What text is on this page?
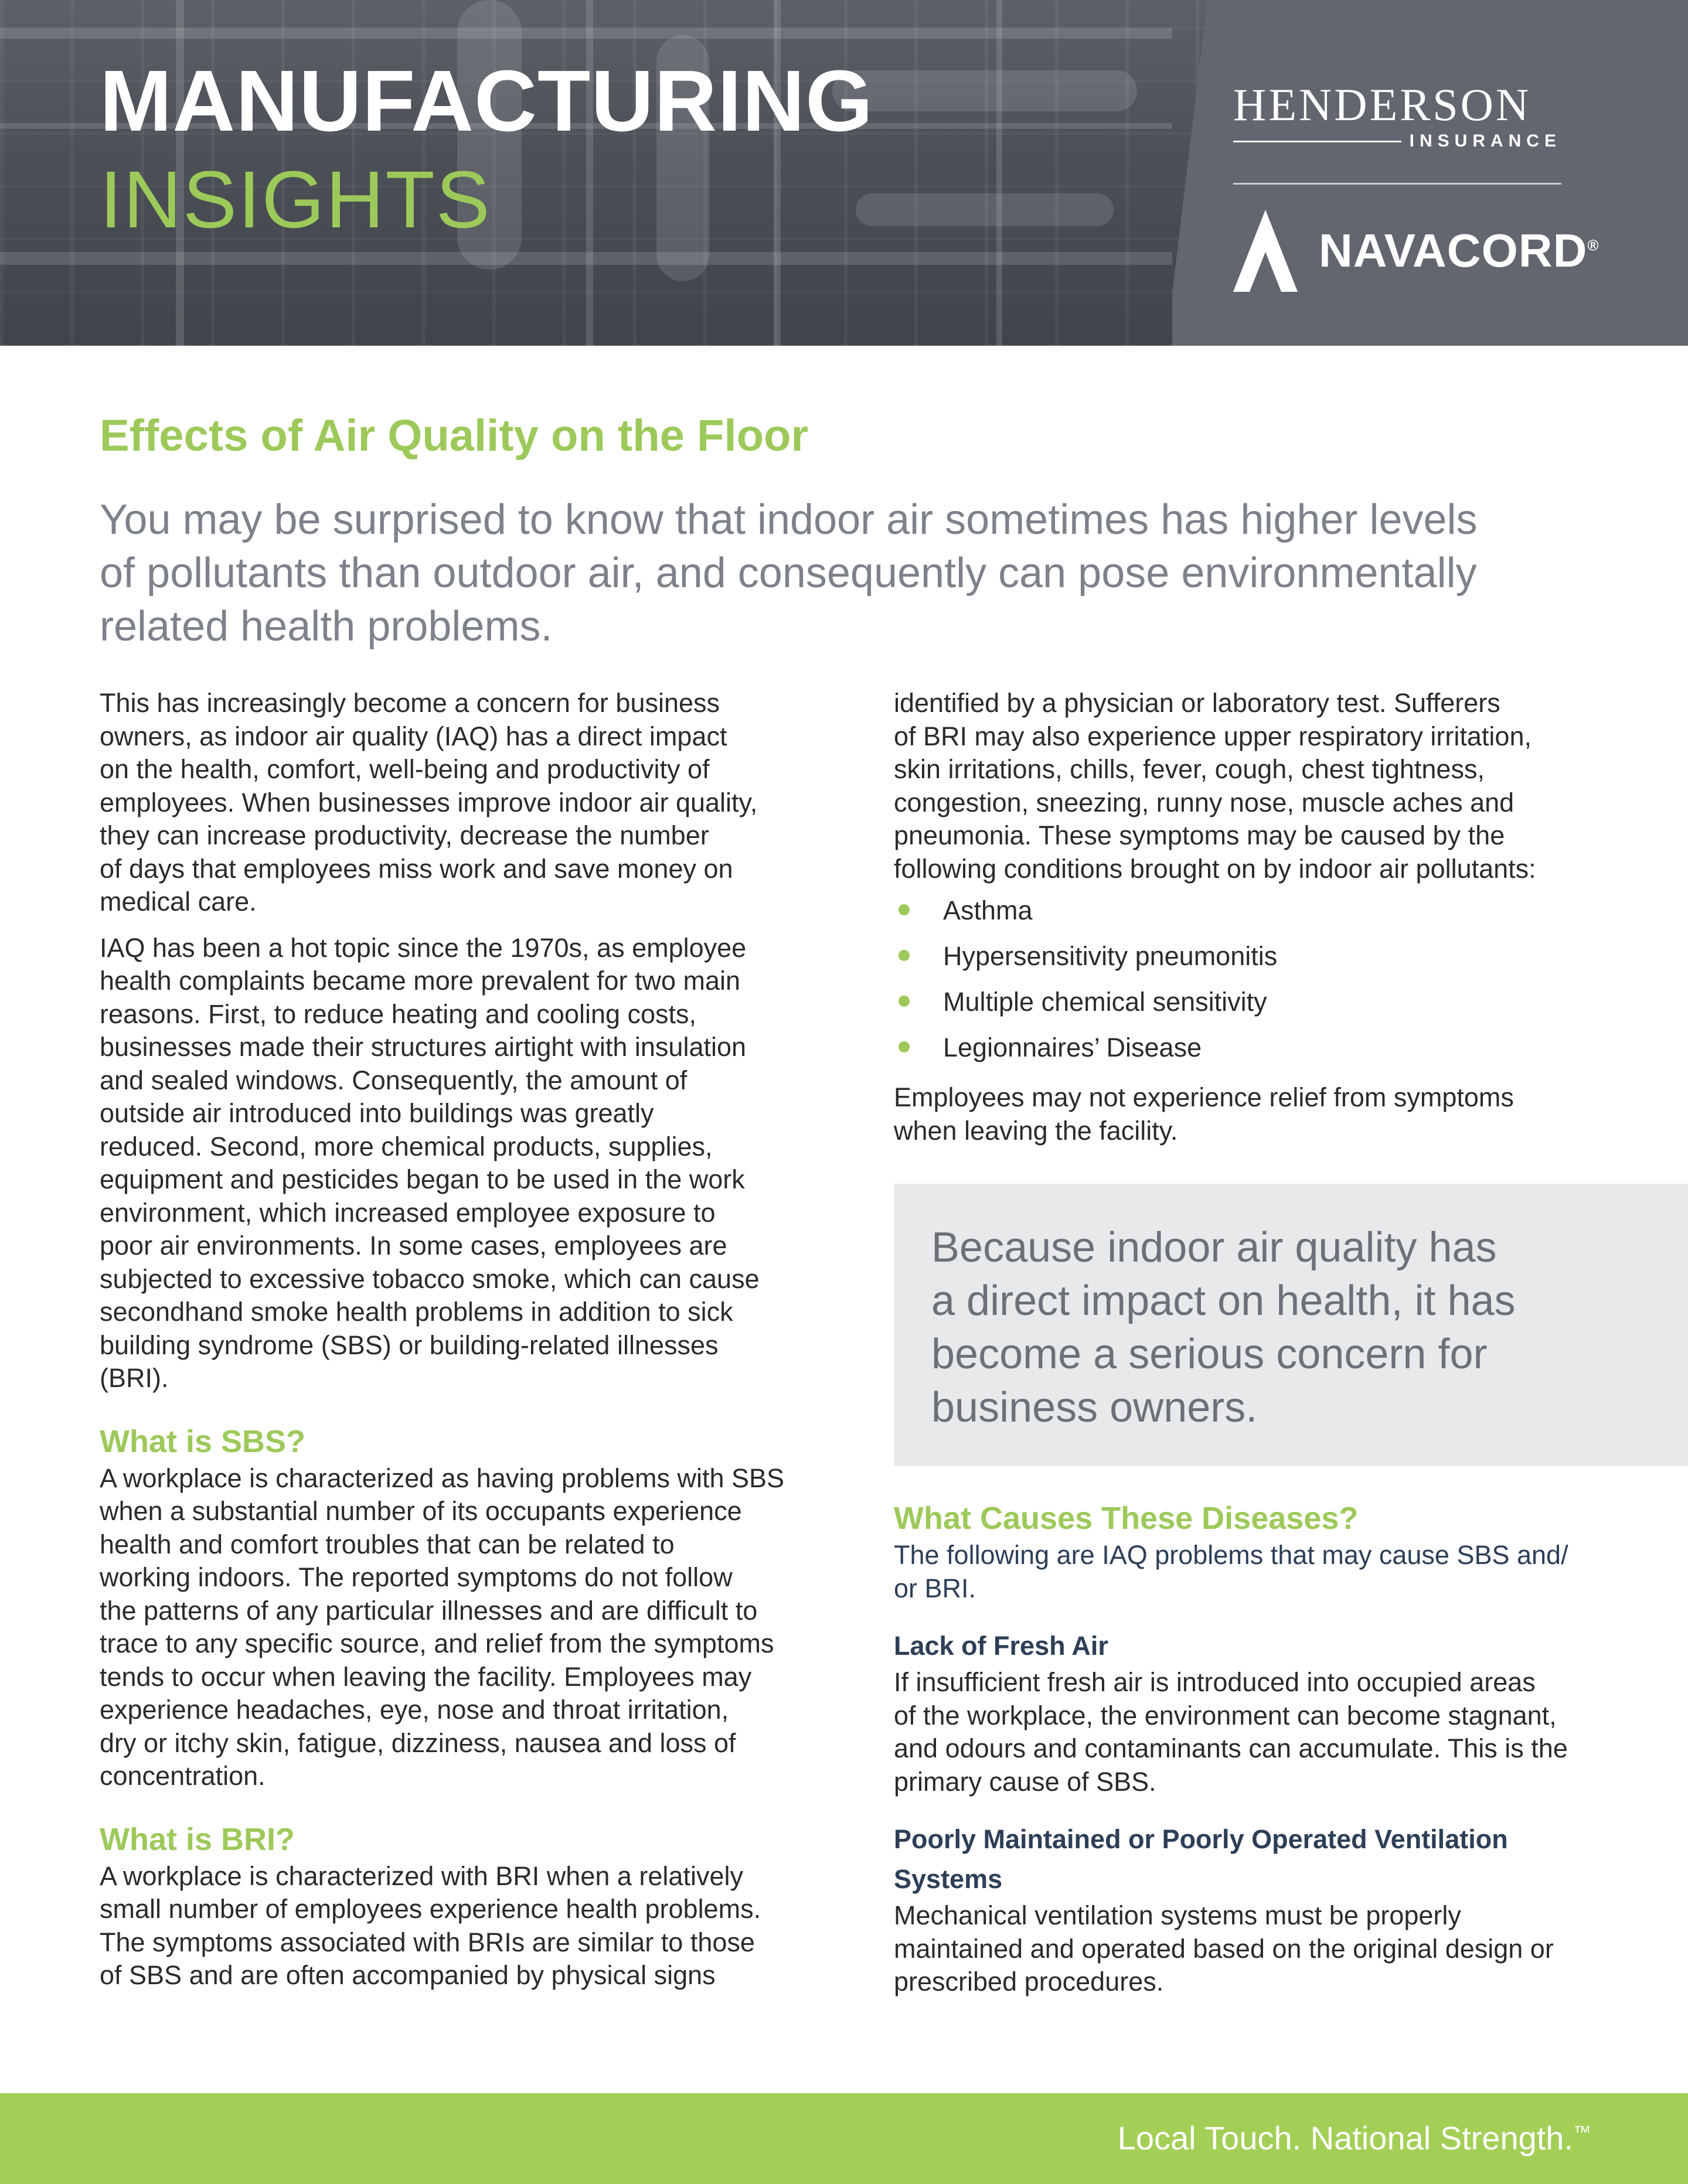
MANUFACTURING
INSIGHTS
HENDERSON
INSURANCE
NAVACORD®
Effects of Air Quality on the Floor
You may be surprised to know that indoor air sometimes has higher levels
of pollutants than outdoor air, and consequently can pose environmentally
related health problems.

This has increasingly become a concern for business
owners, as indoor air quality (IAQ) has a direct impact
on the health, comfort, well-being and productivity of
employees. When businesses improve indoor air quality,
they can increase productivity, decrease the number
of days that employees miss work and save money on
medical care.

IAQ has been a hot topic since the 1970s, as employee
health complaints became more prevalent for two main
reasons. First, to reduce heating and cooling costs,
businesses made their structures airtight with insulation
and sealed windows. Consequently, the amount of
outside air introduced into buildings was greatly
reduced. Second, more chemical products, supplies,
equipment and pesticides began to be used in the work
environment, which increased employee exposure to
poor air environments. In some cases, employees are
subjected to excessive tobacco smoke, which can cause
secondhand smoke health problems in addition to sick
building syndrome (SBS) or building-related illnesses
(BRI).

What is SBS?

A workplace is characterized as having problems with SBS
when a substantial number of its occupants experience
health and comfort troubles that can be related to
working indoors. The reported symptoms do not follow
the patterns of any particular illnesses and are difficult to
trace to any specific source, and relief from the symptoms
tends to occur when leaving the facility. Employees may
experience headaches, eye, nose and throat irritation,
dry or itchy skin, fatigue, dizziness, nausea and loss of
concentration.

What is BRI?

A workplace is characterized with BRI when a relatively
small number of employees experience health problems.
The symptoms associated with BRIs are similar to those
of SBS and are often accompanied by physical signs

identified by a physician or laboratory test. Sufferers
of BRI may also experience upper respiratory irritation,
skin irritations, chills, fever, cough, chest tightness,
congestion, sneezing, runny nose, muscle aches and
pneumonia. These symptoms may be caused by the
following conditions brought on by indoor air pollutants:

Asthma
Hypersensitivity pneumonitis
Multiple chemical sensitivity
Legionnaires’ Disease

Employees may not experience relief from symptoms
when leaving the facility.

Because indoor air quality has
a direct impact on health, it has
become a serious concern for
business owners.
What Causes These Diseases?

The following are IAQ problems that may cause SBS and/
or BRI.

Lack of Fresh Air

If insufficient fresh air is introduced into occupied areas
of the workplace, the environment can become stagnant,
and odours and contaminants can accumulate. This is the
primary cause of SBS.

Poorly Maintained or Poorly Operated Ventilation
Systems

Mechanical ventilation systems must be properly
maintained and operated based on the original design or
prescribed procedures.

Local Touch. National Strength.™
